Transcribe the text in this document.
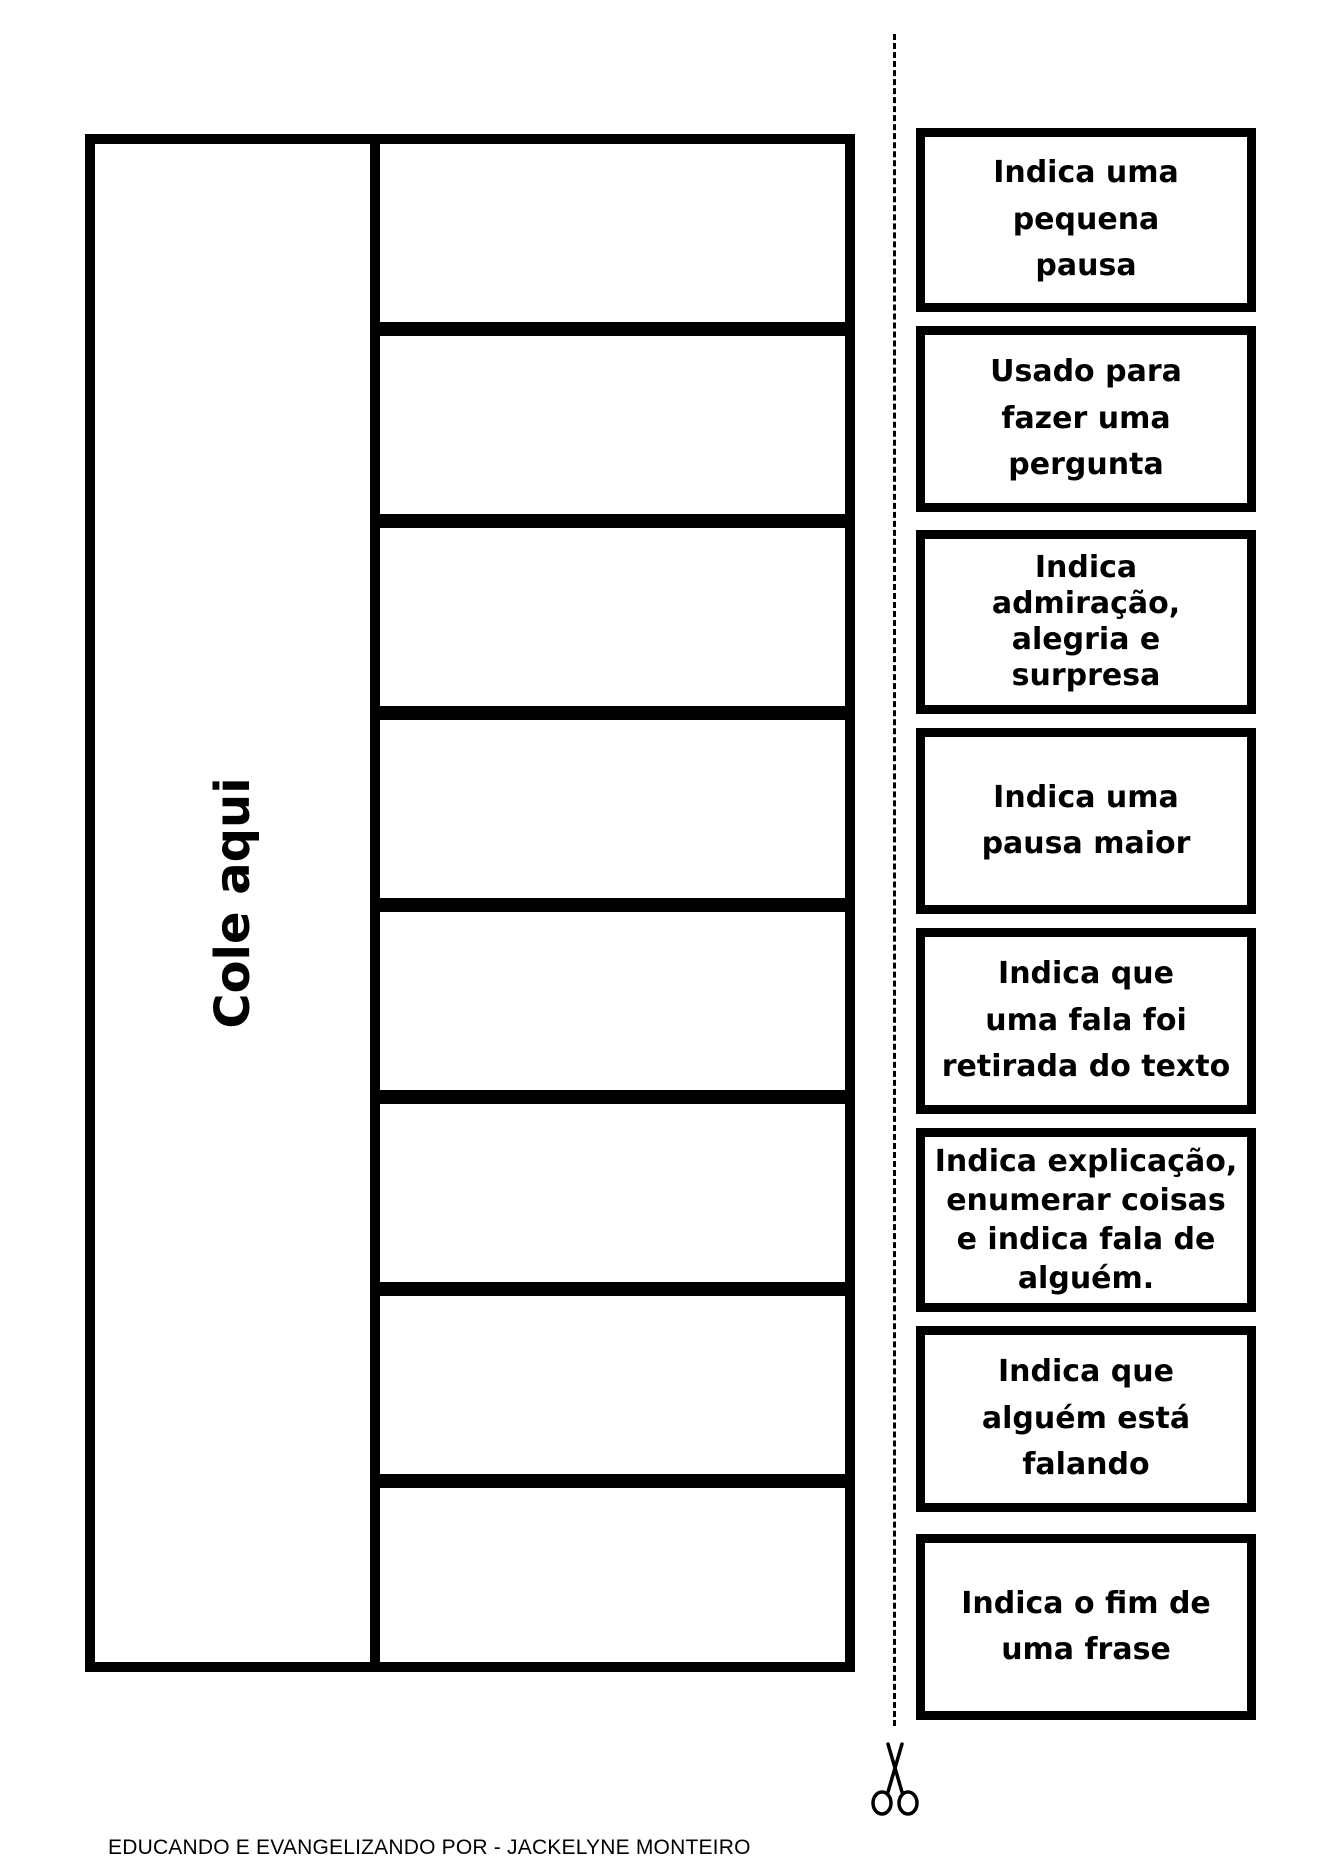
Cole aqui
Indica uma
pequena
pausa
Usado para
fazer uma
pergunta
Indica
admiração,
alegria e
surpresa
Indica uma
pausa maior
Indica que
uma fala foi
retirada do texto
Indica explicação,
enumerar coisas
e indica fala de
alguém.
Indica que
alguém está
falando
Indica o fim de
uma frase
EDUCANDO E EVANGELIZANDO POR - JACKELYNE MONTEIRO
